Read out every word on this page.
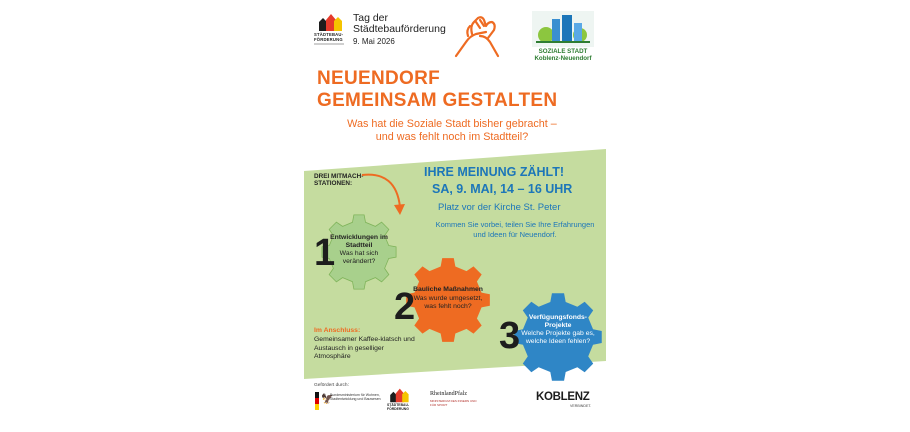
STÄDTEBAU-
FÖRDERUNG
Tag der
Städtebauförderung
9. Mai 2026
SOZIALE STADT
Koblenz-Neuendorf
NEUENDORF
GEMEINSAM GESTALTEN
Was hat die Soziale Stadt bisher gebracht –
und was fehlt noch im Stadtteil?
DREI MITMACH-
STATIONEN:
IHRE MEINUNG ZÄHLT!
SA, 9. MAI, 14 – 16 UHR
Platz vor der Kirche St. Peter
Kommen Sie vorbei, teilen Sie Ihre Erfahrungen und Ideen für Neuendorf.
1
2
3
Entwicklungen im Stadtteil
Was hat sich verändert?
Bauliche Maßnahmen
Was wurde umgesetzt, was fehlt noch?
Verfügungsfonds-Projekte
Welche Projekte gab es, welche Ideen fehlen?
Im Anschluss:
Gemeinsamer Kaffee-klatsch und Austausch in geselliger Atmosphäre
Gefördert durch:
🦅
Bundesministerium für Wohnen, Stadtentwicklung und Bauwesen
STÄDTEBAU-
FÖRDERUNG
RheinlandPfalz
MINISTERIUM DES INNERN UND FÜR SPORT
KOBLENZ
VERBINDET.
